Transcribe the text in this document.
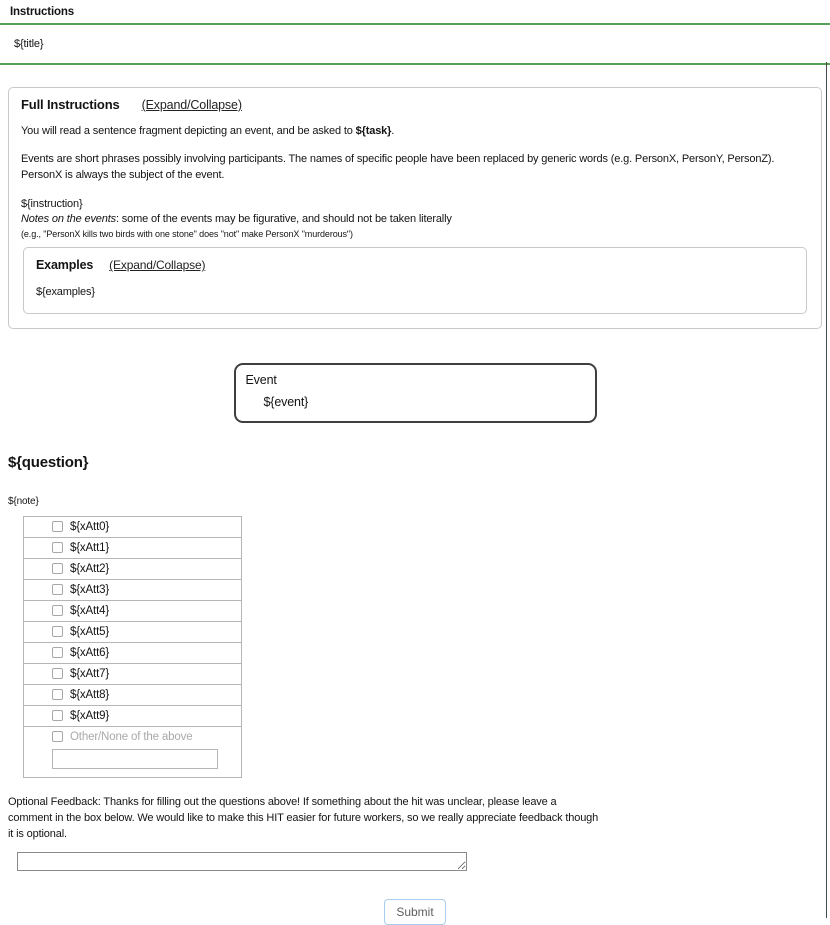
Instructions
${title}
Full Instructions (Expand/Collapse)

You will read a sentence fragment depicting an event, and be asked to ${task}.

Events are short phrases possibly involving participants. The names of specific people have been replaced by generic words (e.g. PersonX, PersonY, PersonZ). PersonX is always the subject of the event.

${instruction}
Notes on the events: some of the events may be figurative, and should not be taken literally
(e.g., "PersonX kills two birds with one stone" does "not" make PersonX "murderous")
Examples (Expand/Collapse)
${examples}
Event
${event}
${question}
${note}
${xAtt0}
${xAtt1}
${xAtt2}
${xAtt3}
${xAtt4}
${xAtt5}
${xAtt6}
${xAtt7}
${xAtt8}
${xAtt9}
Other/None of the above

Optional Feedback: Thanks for filling out the questions above! If something about the hit was unclear, please leave a comment in the box below. We would like to make this HIT easier for future workers, so we really appreciate feedback though it is optional.

Submit
